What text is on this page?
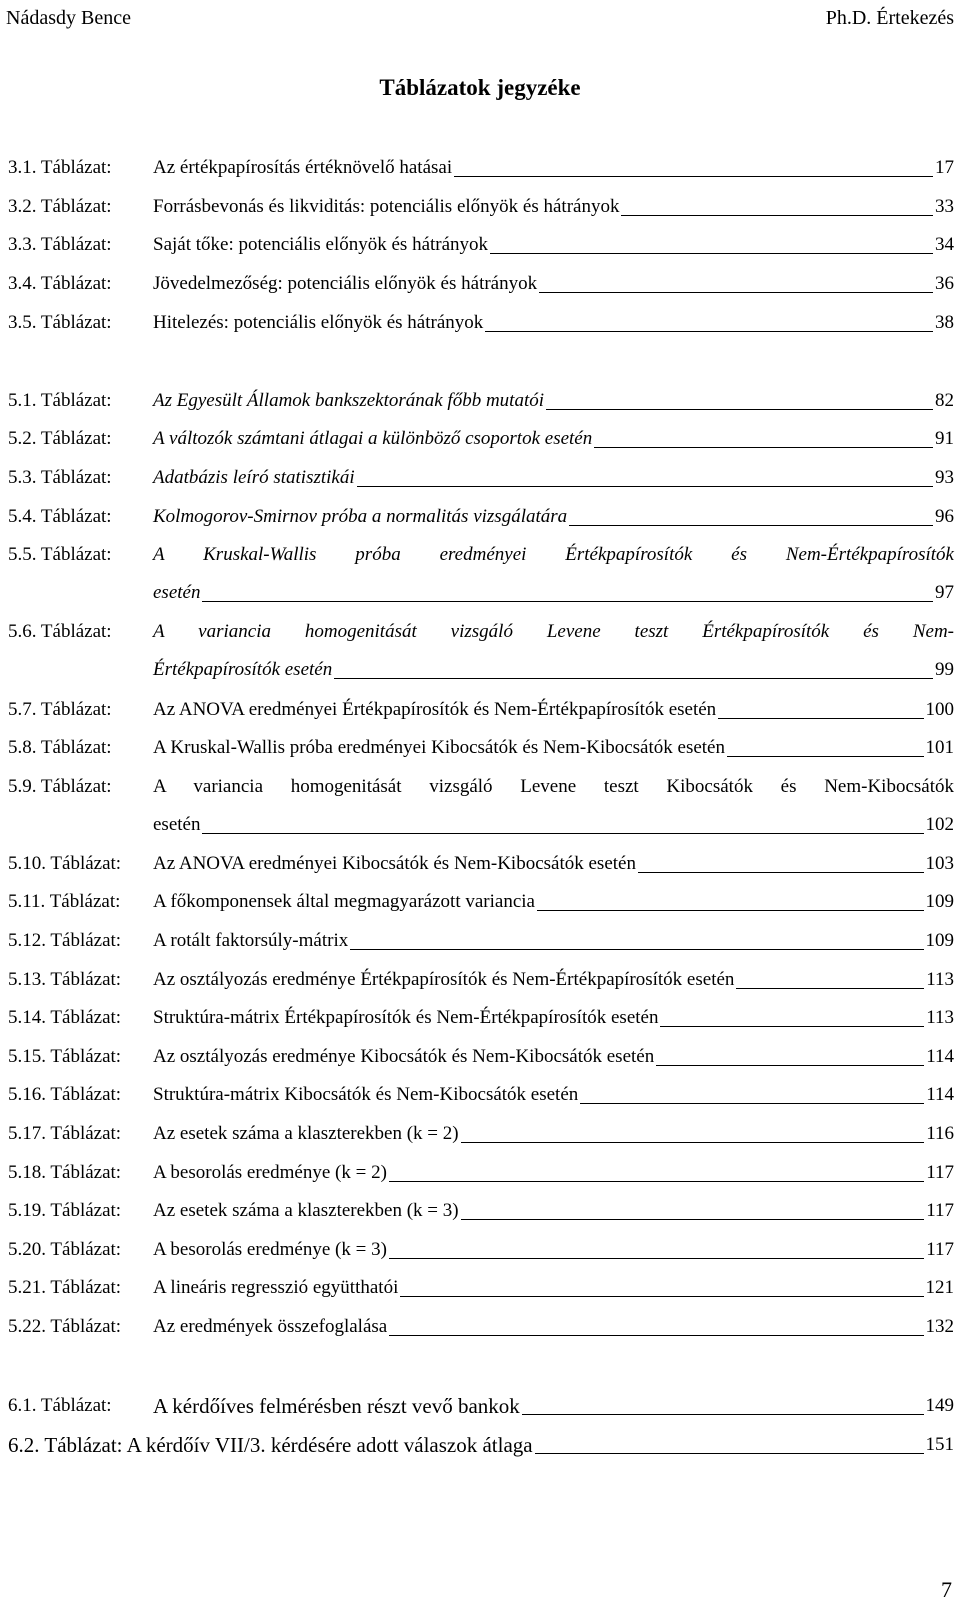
Nádasdy Bence	Ph.D. Értekezés
Táblázatok jegyzéke
3.1. Táblázat: Az értékpapírosítás értéknövelő hatásai	17
3.2. Táblázat: Forrásbevonás és likviditás: potenciális előnyök és hátrányok	33
3.3. Táblázat: Saját tőke: potenciális előnyök és hátrányok	34
3.4. Táblázat: Jövedelmezőség: potenciális előnyök és hátrányok	36
3.5. Táblázat: Hitelezés: potenciális előnyök és hátrányok	38
5.1. Táblázat: Az Egyesült Államok bankszektorának főbb mutatói	82
5.2. Táblázat: A változók számtani átlagai a különböző csoportok esetén	91
5.3. Táblázat: Adatbázis leíró statisztikái	93
5.4. Táblázat: Kolmogorov-Smirnov próba a normalitás vizsgálatára	96
5.5. Táblázat: A Kruskal-Wallis próba eredményei Értékpapírosítók és Nem-Értékpapírosítók
esetén	97
5.6. Táblázat: A variancia homogenitását vizsgáló Levene teszt Értékpapírosítók és Nem-
Értékpapírosítók esetén	99
5.7. Táblázat: Az ANOVA eredményei Értékpapírosítók és Nem-Értékpapírosítók esetén	100
5.8. Táblázat: A Kruskal-Wallis próba eredményei Kibocsátók és Nem-Kibocsátók esetén	101
5.9. Táblázat: A variancia homogenitását vizsgáló Levene teszt Kibocsátók és Nem-Kibocsátók
esetén	102
5.10. Táblázat: Az ANOVA eredményei Kibocsátók és Nem-Kibocsátók esetén	103
5.11. Táblázat: A főkomponensek által megmagyarázott variancia	109
5.12. Táblázat: A rotált faktorsúly-mátrix	109
5.13. Táblázat: Az osztályozás eredménye Értékpapírosítók és Nem-Értékpapírosítók esetén	113
5.14. Táblázat: Struktúra-mátrix Értékpapírosítók és Nem-Értékpapírosítók esetén	113
5.15. Táblázat: Az osztályozás eredménye Kibocsátók és Nem-Kibocsátók esetén	114
5.16. Táblázat: Struktúra-mátrix Kibocsátók és Nem-Kibocsátók esetén	114
5.17. Táblázat: Az esetek száma a klaszterekben (k = 2)	116
5.18. Táblázat: A besorolás eredménye (k = 2)	117
5.19. Táblázat: Az esetek száma a klaszterekben (k = 3)	117
5.20. Táblázat: A besorolás eredménye (k = 3)	117
5.21. Táblázat: A lineáris regresszió együtthatói	121
5.22. Táblázat: Az eredmények összefoglalása	132
6.1. Táblázat: A kérdőíves felmérésben részt vevő bankok	149
6.2. Táblázat: A kérdőív VII/3. kérdésére adott válaszok átlaga	151
7
